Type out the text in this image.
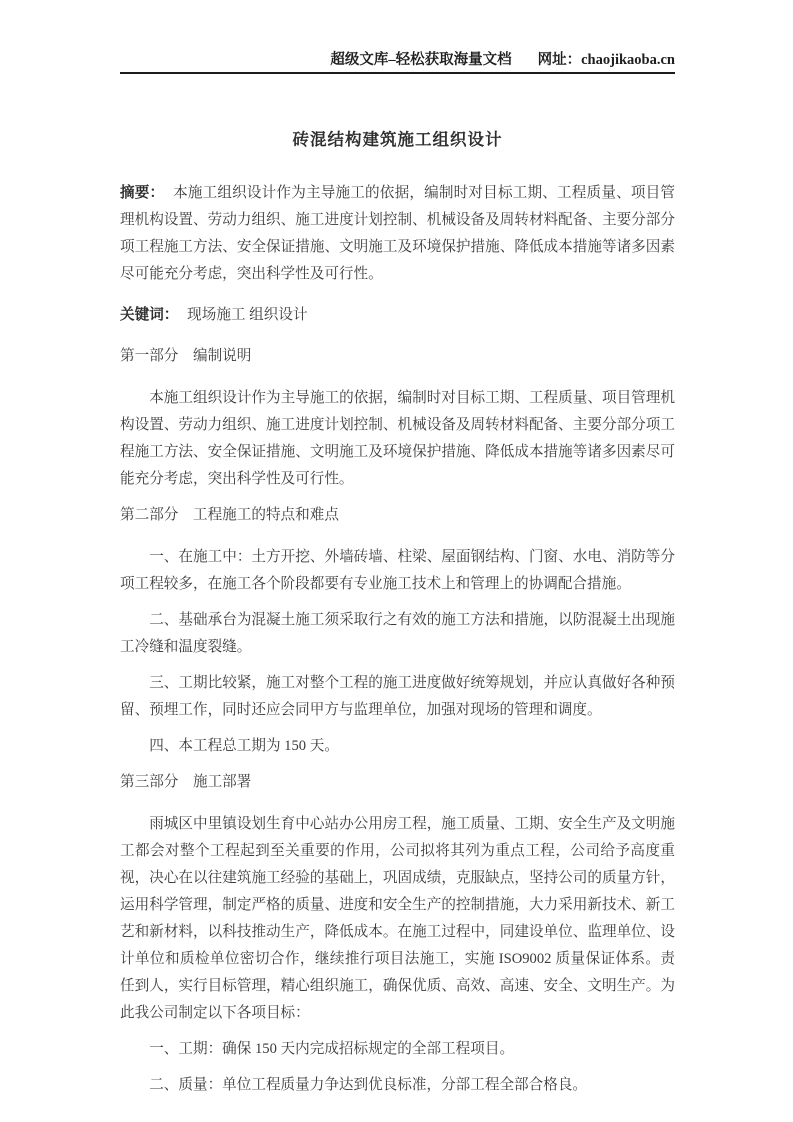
超级文库–轻松获取海量文档 网址：chaojikaoba.cn
砖混结构建筑施工组织设计

摘要： 本施工组织设计作为主导施工的依据，编制时对目标工期、工程质量、项目管理机构设置、劳动力组织、施工进度计划控制、机械设备及周转材料配备、主要分部分项工程施工方法、安全保证措施、文明施工及环境保护措施、降低成本措施等诸多因素尽可能充分考虑，突出科学性及可行性。

关键词： 现场施工 组织设计

第一部分　编制说明

本施工组织设计作为主导施工的依据，编制时对目标工期、工程质量、项目管理机构设置、劳动力组织、施工进度计划控制、机械设备及周转材料配备、主要分部分项工程施工方法、安全保证措施、文明施工及环境保护措施、降低成本措施等诸多因素尽可能充分考虑，突出科学性及可行性。

第二部分　工程施工的特点和难点

一、在施工中：土方开挖、外墙砖墙、柱梁、屋面钢结构、门窗、水电、消防等分项工程较多，在施工各个阶段都要有专业施工技术上和管理上的协调配合措施。

二、基础承台为混凝土施工须采取行之有效的施工方法和措施，以防混凝土出现施工冷缝和温度裂缝。

三、工期比较紧，施工对整个工程的施工进度做好统筹规划，并应认真做好各种预留、预埋工作，同时还应会同甲方与监理单位，加强对现场的管理和调度。

四、本工程总工期为 150 天。

第三部分　施工部署

雨城区中里镇设划生育中心站办公用房工程，施工质量、工期、安全生产及文明施工都会对整个工程起到至关重要的作用，公司拟将其列为重点工程，公司给予高度重视，决心在以往建筑施工经验的基础上，巩固成绩，克服缺点，坚持公司的质量方针，运用科学管理，制定严格的质量、进度和安全生产的控制措施，大力采用新技术、新工艺和新材料，以科技推动生产，降低成本。在施工过程中，同建设单位、监理单位、设计单位和质检单位密切合作，继续推行项目法施工，实施 ISO9002 质量保证体系。责任到人，实行目标管理，精心组织施工，确保优质、高效、高速、安全、文明生产。为此我公司制定以下各项目标：

一、工期：确保 150 天内完成招标规定的全部工程项目。

二、质量：单位工程质量力争达到优良标准，分部工程全部合格良。
